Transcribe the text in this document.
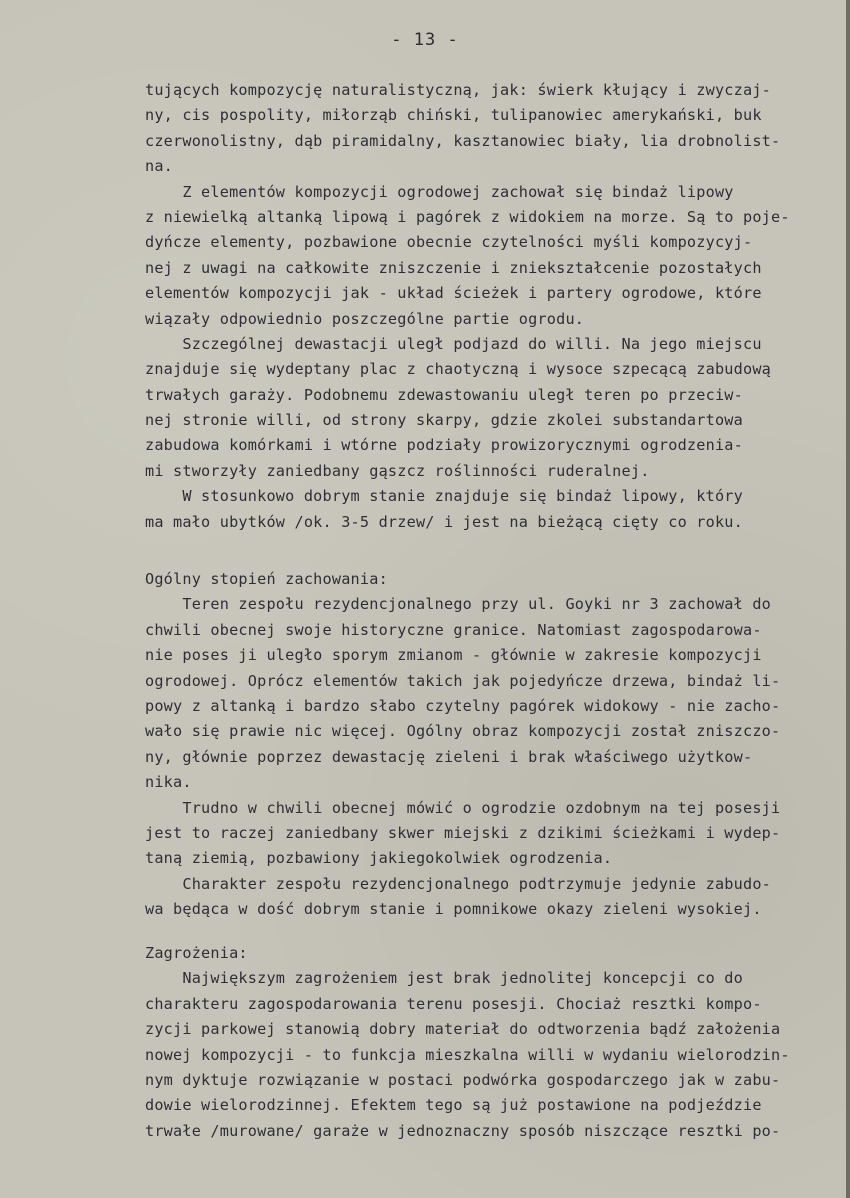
- 13 -
tujących kompozycję naturalistyczną, jak: świerk kłujący i zwyczaj-
ny, cis pospolity, miłorząb chiński, tulipanowiec amerykański, buk
czerwonolistny, dąb piramidalny, kasztanowiec biały, lia drobnolist-
na.
Z elementów kompozycji ogrodowej zachował się bindaż lipowy
z niewielką altanką lipową i pagórek z widokiem na morze. Są to poje-
dyńcze elementy, pozbawione obecnie czytelności myśli kompozycyj-
nej z uwagi na całkowite zniszczenie i zniekształcenie pozostałych
elementów kompozycji jak - układ ścieżek i partery ogrodowe, które
wiązały odpowiednio poszczególne partie ogrodu.
Szczególnej dewastacji uległ podjazd do willi. Na jego miejscu
znajduje się wydeptany plac z chaotyczną i wysoce szpecącą zabudową
trwałych garaży. Podobnemu zdewastowaniu uległ teren po przeciw-
nej stronie willi, od strony skarpy, gdzie zkolei substandartowa
zabudowa komórkami i wtórne podziały prowizorycznymi ogrodzenia-
mi stworzyły zaniedbany gąszcz roślinności ruderalnej.
W stosunkowo dobrym stanie znajduje się bindaż lipowy, który
ma mało ubytków /ok. 3-5 drzew/ i jest na bieżącą cięty co roku.
Ogólny stopień zachowania:
Teren zespołu rezydencjonalnego przy ul. Goyki nr 3 zachował do
chwili obecnej swoje historyczne granice. Natomiast zagospodarowa-
nie poses ji uległo sporym zmianom - głównie w zakresie kompozycji
ogrodowej. Oprócz elementów takich jak pojedyńcze drzewa, bindaż li-
powy z altanką i bardzo słabo czytelny pagórek widokowy - nie zacho-
wało się prawie nic więcej. Ogólny obraz kompozycji został zniszczo-
ny, głównie poprzez dewastację zieleni i brak właściwego użytkow-
nika.
Trudno w chwili obecnej mówić o ogrodzie ozdobnym na tej posesji
jest to raczej zaniedbany skwer miejski z dzikimi ścieżkami i wydep-
taną ziemią, pozbawiony jakiegokolwiek ogrodzenia.
Charakter zespołu rezydencjonalnego podtrzymuje jedynie zabudo-
wa będąca w dość dobrym stanie i pomnikowe okazy zieleni wysokiej.
Zagrożenia:
Największym zagrożeniem jest brak jednolitej koncepcji co do
charakteru zagospodarowania terenu posesji. Chociaż resztki kompo-
zycji parkowej stanowią dobry materiał do odtworzenia bądź założenia
nowej kompozycji - to funkcja mieszkalna willi w wydaniu wielorodzin-
nym dyktuje rozwiązanie w postaci podwórka gospodarczego jak w zabu-
dowie wielorodzinnej. Efektem tego są już postawione na podjeździe
trwałe /murowane/ garaże w jednoznaczny sposób niszczące resztki po-
